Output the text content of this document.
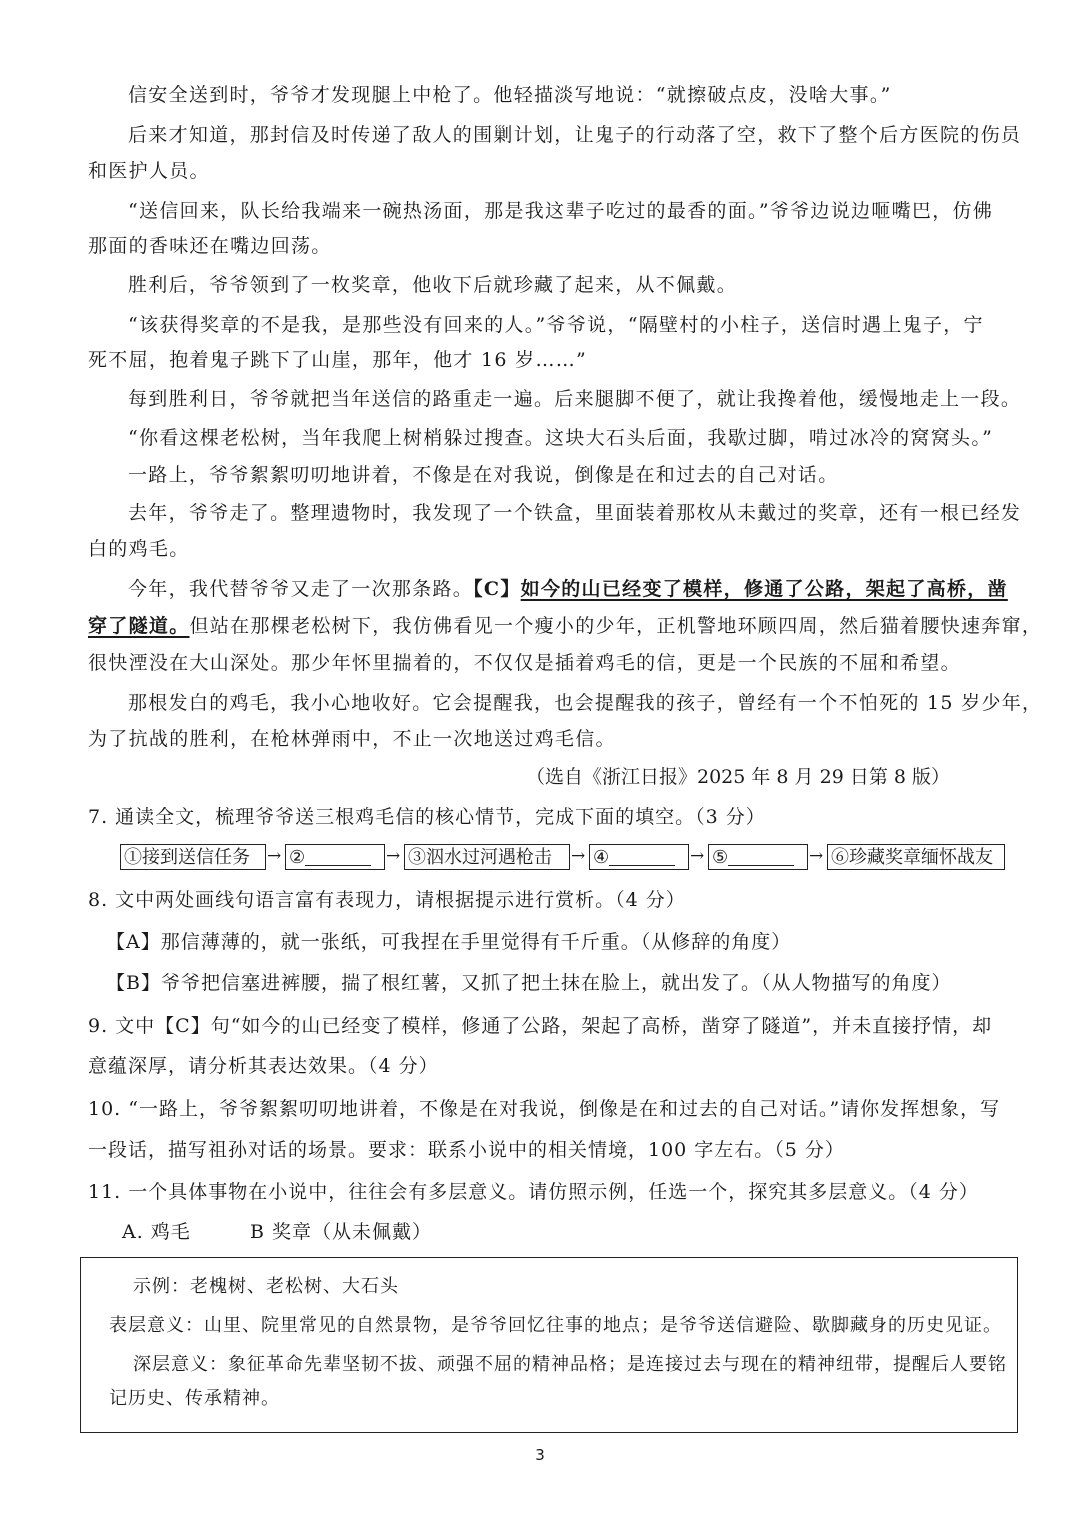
信安全送到时，爷爷才发现腿上中枪了。他轻描淡写地说：“就擦破点皮，没啥大事。”
后来才知道，那封信及时传递了敌人的围剿计划，让鬼子的行动落了空，救下了整个后方医院的伤员
和医护人员。
“送信回来，队长给我端来一碗热汤面，那是我这辈子吃过的最香的面。”爷爷边说边咂嘴巴，仿佛
那面的香味还在嘴边回荡。
胜利后，爷爷领到了一枚奖章，他收下后就珍藏了起来，从不佩戴。
“该获得奖章的不是我，是那些没有回来的人。”爷爷说，“隔壁村的小柱子，送信时遇上鬼子，宁
死不屈，抱着鬼子跳下了山崖，那年，他才 16 岁……”
每到胜利日，爷爷就把当年送信的路重走一遍。后来腿脚不便了，就让我搀着他，缓慢地走上一段。
“你看这棵老松树，当年我爬上树梢躲过搜查。这块大石头后面，我歇过脚，啃过冰冷的窝窝头。”
一路上，爷爷絮絮叨叨地讲着，不像是在对我说，倒像是在和过去的自己对话。
去年，爷爷走了。整理遗物时，我发现了一个铁盒，里面装着那枚从未戴过的奖章，还有一根已经发
白的鸡毛。
今年，我代替爷爷又走了一次那条路。【C】如今的山已经变了模样，修通了公路，架起了高桥，凿
穿了隧道。但站在那棵老松树下，我仿佛看见一个瘦小的少年，正机警地环顾四周，然后猫着腰快速奔窜，
很快湮没在大山深处。那少年怀里揣着的，不仅仅是插着鸡毛的信，更是一个民族的不屈和希望。
那根发白的鸡毛，我小心地收好。它会提醒我，也会提醒我的孩子，曾经有一个不怕死的 15 岁少年，
为了抗战的胜利，在枪林弹雨中，不止一次地送过鸡毛信。
（选自《浙江日报》2025 年 8 月 29 日第 8 版）
7. 通读全文，梳理爷爷送三根鸡毛信的核心情节，完成下面的填空。（3 分）
①接到送信任务	→ ②	→ ③泅水过河遇枪击	→ ④	→ ⑤	→ ⑥珍藏奖章缅怀战友
8. 文中两处画线句语言富有表现力，请根据提示进行赏析。（4 分）
【A】那信薄薄的，就一张纸，可我捏在手里觉得有千斤重。（从修辞的角度）
【B】爷爷把信塞进裤腰，揣了根红薯，又抓了把土抹在脸上，就出发了。（从人物描写的角度）
9. 文中【C】句“如今的山已经变了模样，修通了公路，架起了高桥，凿穿了隧道”，并未直接抒情，却
意蕴深厚，请分析其表达效果。（4 分）
10. “一路上，爷爷絮絮叨叨地讲着，不像是在对我说，倒像是在和过去的自己对话。”请你发挥想象，写
一段话，描写祖孙对话的场景。要求：联系小说中的相关情境，100 字左右。（5 分）
11. 一个具体事物在小说中，往往会有多层意义。请仿照示例，任选一个，探究其多层意义。（4 分）
A. 鸡毛	B 奖章（从未佩戴）
示例：老槐树、老松树、大石头
表层意义：山里、院里常见的自然景物，是爷爷回忆往事的地点；是爷爷送信避险、歇脚藏身的历史见证。
深层意义：象征革命先辈坚韧不拔、顽强不屈的精神品格；是连接过去与现在的精神纽带，提醒后人要铭
记历史、传承精神。
3
